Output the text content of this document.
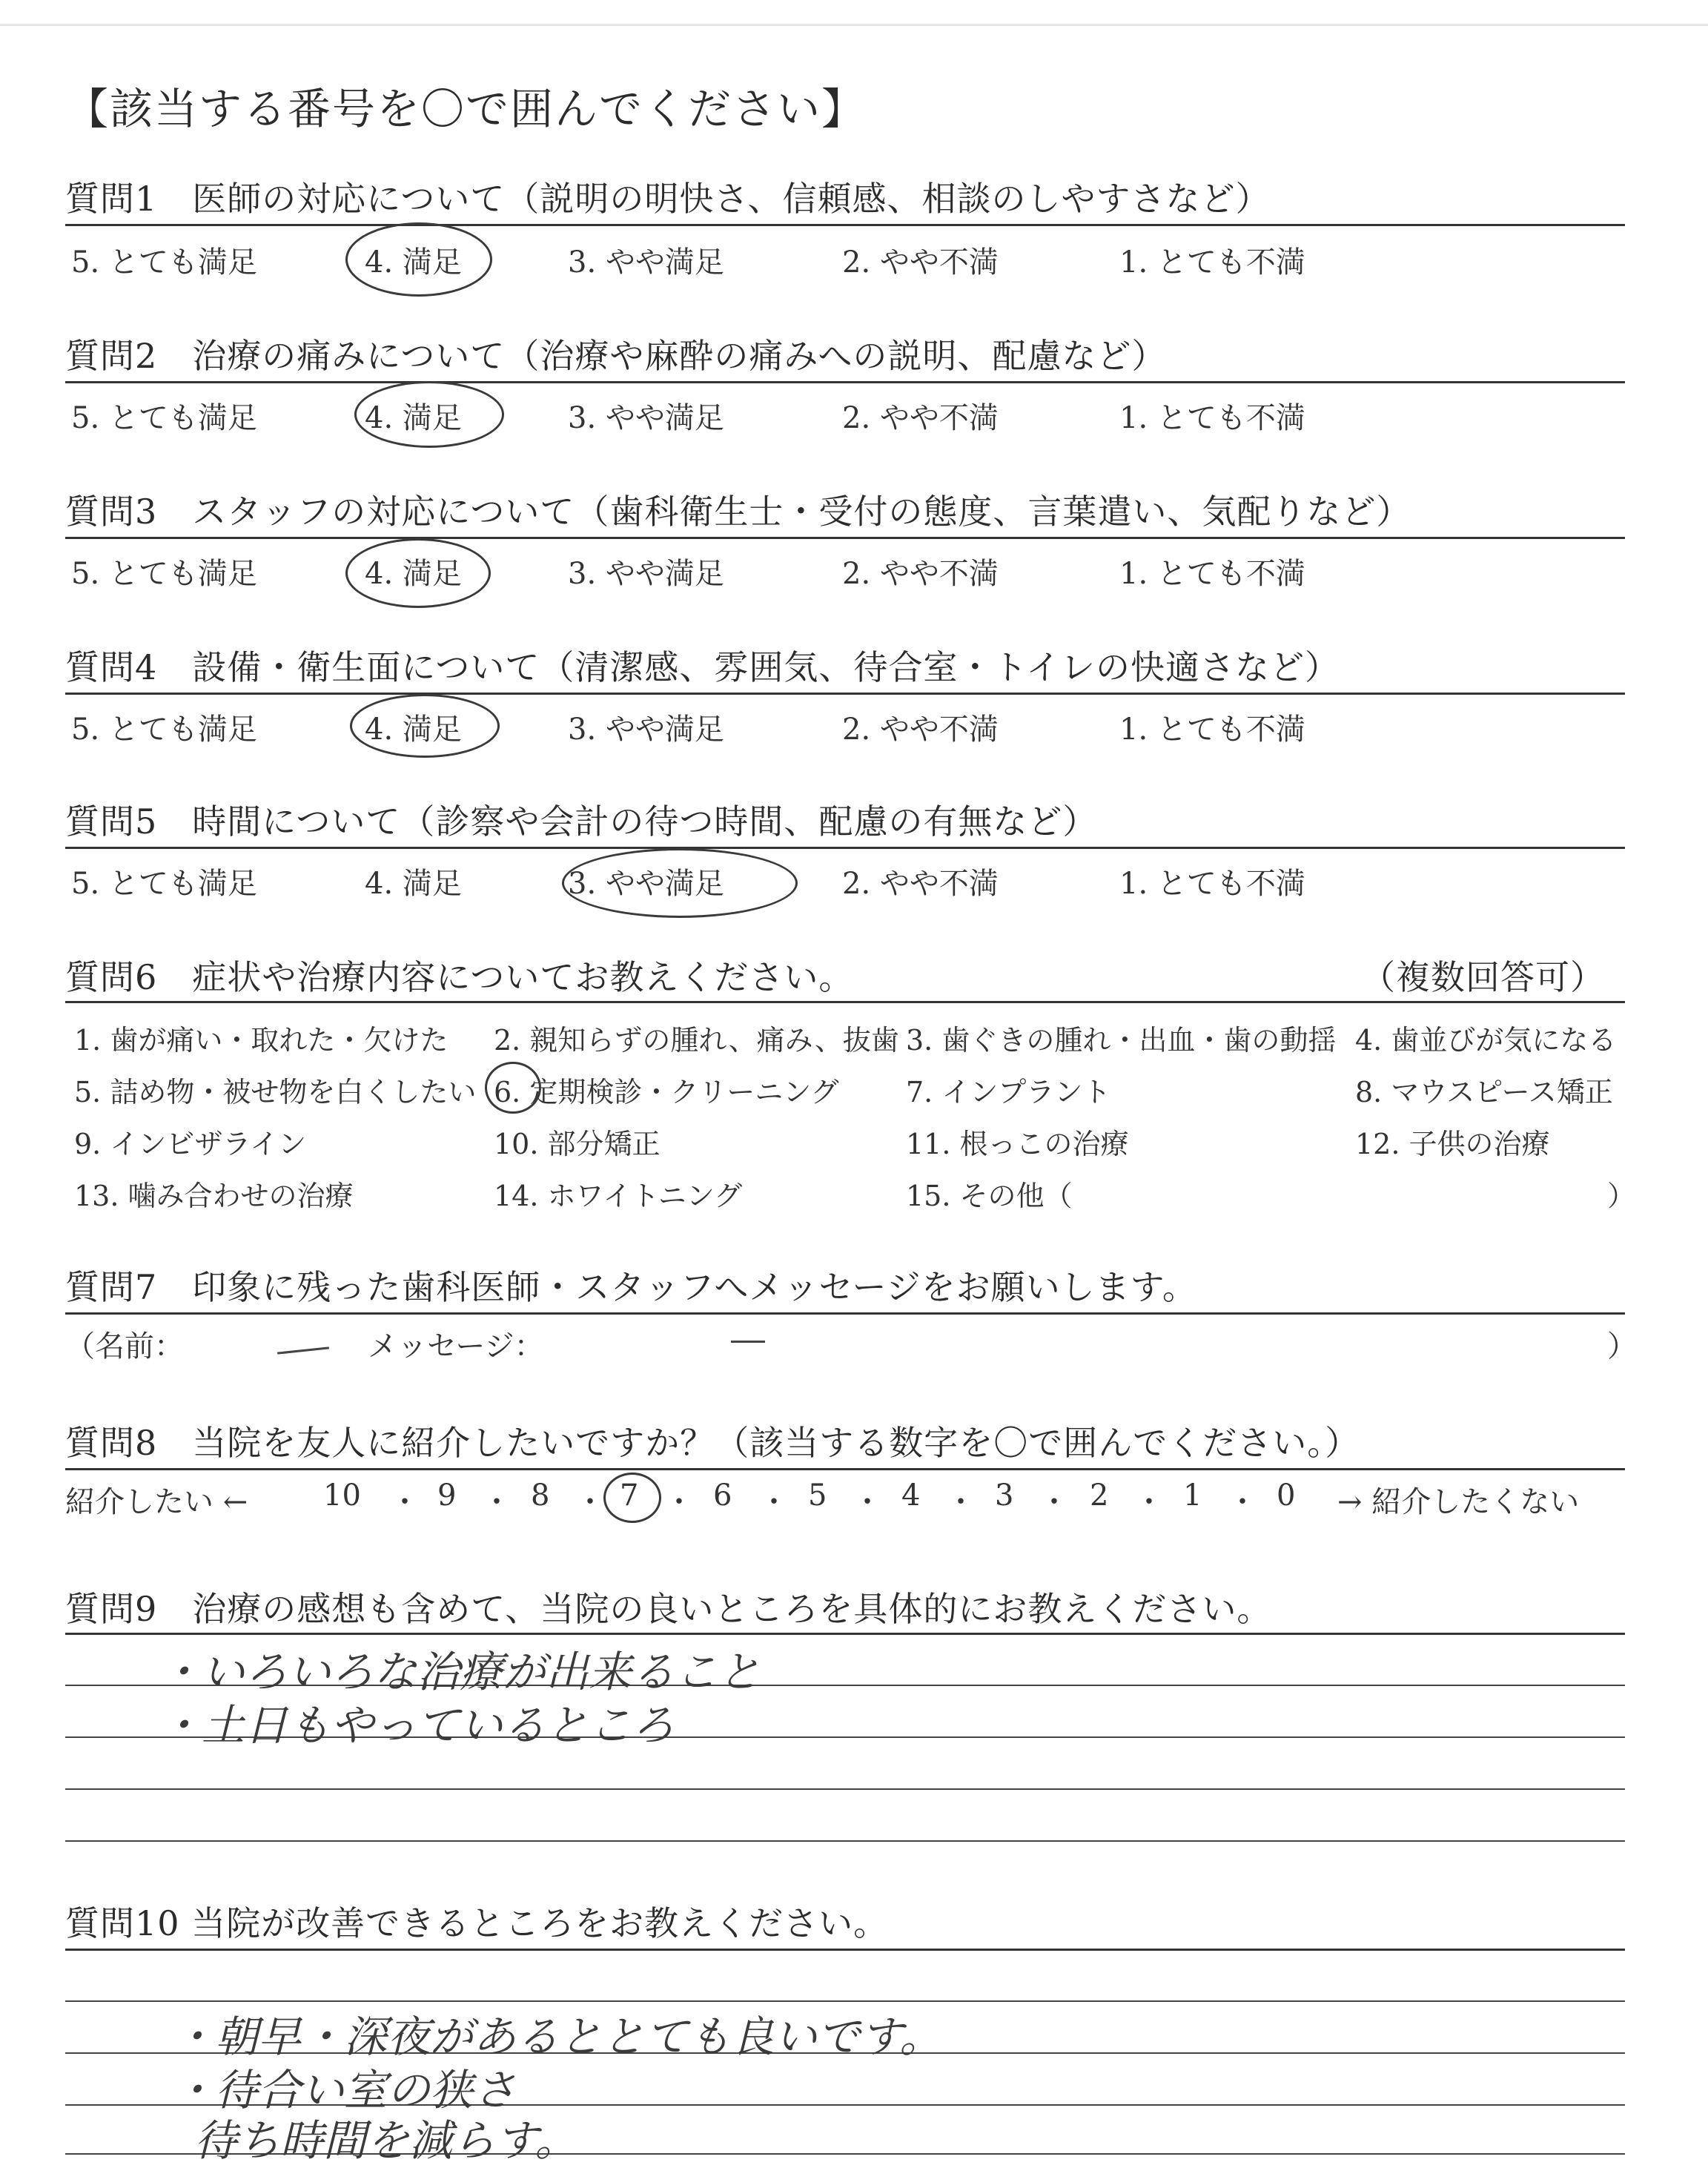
【該当する番号を〇で囲んでください】
質問1　医師の対応について（説明の明快さ、信頼感、相談のしやすさなど）
5. とても満足	4. 満足	3. やや満足	2. やや不満	1. とても不満
質問2　治療の痛みについて（治療や麻酔の痛みへの説明、配慮など）
5. とても満足	4. 満足	3. やや満足	2. やや不満	1. とても不満
質問3　スタッフの対応について（歯科衛生士・受付の態度、言葉遣い、気配りなど）
5. とても満足	4. 満足	3. やや満足	2. やや不満	1. とても不満
質問4　設備・衛生面について（清潔感、雰囲気、待合室・トイレの快適さなど）
5. とても満足	4. 満足	3. やや満足	2. やや不満	1. とても不満
質問5　時間について（診察や会計の待つ時間、配慮の有無など）
5. とても満足	4. 満足	3. やや満足	2. やや不満	1. とても不満
質問6　症状や治療内容についてお教えください。	（複数回答可）
1. 歯が痛い・取れた・欠けた 2. 親知らずの腫れ、痛み、抜歯 3. 歯ぐきの腫れ・出血・歯の動揺 4. 歯並びが気になる
5. 詰め物・被せ物を白くしたい 6. 定期検診・クリーニング 7. インプラント	8. マウスピース矯正
9. インビザライン	10. 部分矯正	11. 根っこの治療	12. 子供の治療
13. 噛み合わせの治療	14. ホワイトニング	15. その他（	）
質問7　印象に残った歯科医師・スタッフへメッセージをお願いします。
（名前：	メッセージ：	）
質問8　当院を友人に紹介したいですか？（該当する数字を〇で囲んでください。）
紹介したい ←	10 ・ 9 ・ 8 ・ 7 ・ 6 ・ 5 ・ 4 ・ 3 ・ 2 ・ 1 ・ 0 → 紹介したくない
質問9　治療の感想も含めて、当院の良いところを具体的にお教えください。
・いろいろな治療が出来ること
・土日もやっているところ
質問10 当院が改善できるところをお教えください。
・朝早・深夜があるととても良いです。
・待合い室の狭さ
待ち時間を減らす。
